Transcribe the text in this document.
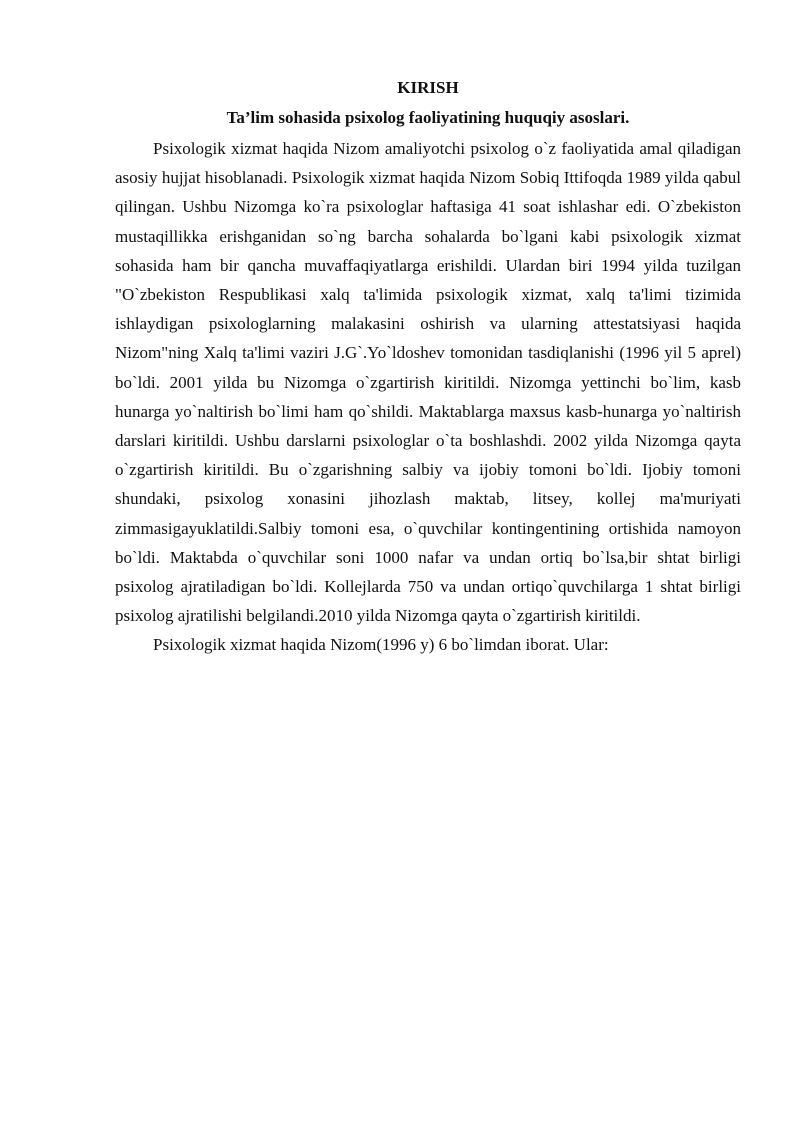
KIRISH

Ta’lim sohasida psixolog faoliyatining huquqiy asoslari.

Psixologik xizmat haqida Nizom amaliyotchi psixolog o`z faoliyatida amal qiladigan asosiy hujjat hisoblanadi. Psixologik xizmat haqida Nizom Sobiq Ittifoqda 1989 yilda qabul qilingan. Ushbu Nizomga ko`ra psixologlar haftasiga 41 soat ishlashar edi. O`zbekiston mustaqillikka erishganidan so`ng barcha sohalarda bo`lgani kabi psixologik xizmat sohasida ham bir qancha muvaffaqiyatlarga erishildi. Ulardan biri 1994 yilda tuzilgan "O`zbekiston Respublikasi xalq ta'limida psixologik xizmat, xalq ta'limi tizimida ishlaydigan psixologlarning malakasini oshirish va ularning attestatsiyasi haqida Nizom"ning Xalq ta'limi vaziri J.G`.Yo`ldoshev tomonidan tasdiqlanishi (1996 yil 5 aprel) bo`ldi. 2001 yilda bu Nizomga o`zgartirish kiritildi. Nizomga yettinchi bo`lim, kasb hunarga yo`naltirish bo`limi ham qo`shildi. Maktablarga maxsus kasb-hunarga yo`naltirish darslari kiritildi. Ushbu darslarni psixologlar o`ta boshlashdi. 2002 yilda Nizomga qayta o`zgartirish kiritildi. Bu o`zgarishning salbiy va ijobiy tomoni bo`ldi. Ijobiy tomoni shundaki, psixolog xonasini jihozlash maktab, litsey, kollej ma'muriyati zimmasigayuklatildi.Salbiy tomoni esa, o`quvchilar kontingentining ortishida namoyon bo`ldi. Maktabda o`quvchilar soni 1000 nafar va undan ortiq bo`lsa,bir shtat birligi psixolog ajratiladigan bo`ldi. Kollejlarda 750 va undan ortiqo`quvchilarga 1 shtat birligi psixolog ajratilishi belgilandi.2010 yilda Nizomga qayta o`zgartirish kiritildi.

Psixologik xizmat haqida Nizom(1996 y) 6 bo`limdan iborat. Ular:
